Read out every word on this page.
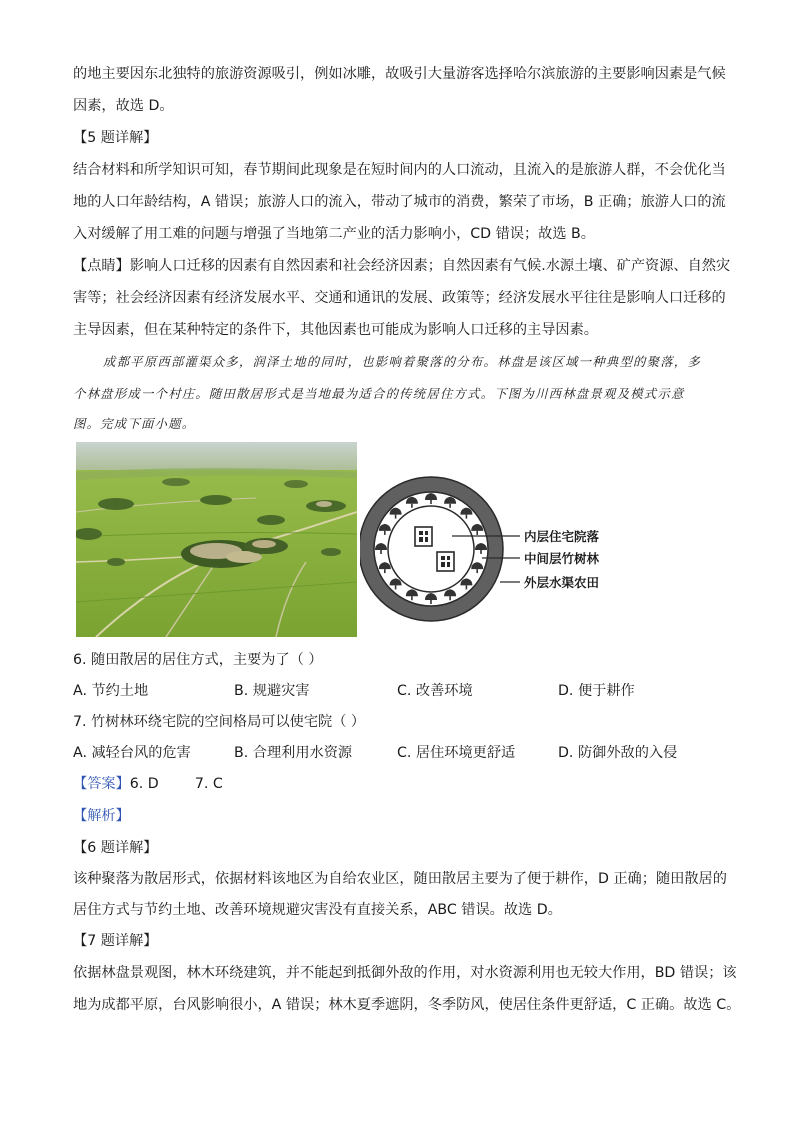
的地主要因东北独特的旅游资源吸引，例如冰雕，故吸引大量游客选择哈尔滨旅游的主要影响因素是气候
因素，故选 D。
【5 题详解】
结合材料和所学知识可知，春节期间此现象是在短时间内的人口流动，且流入的是旅游人群，不会优化当
地的人口年龄结构，A 错误；旅游人口的流入，带动了城市的消费，繁荣了市场，B 正确；旅游人口的流
入对缓解了用工难的问题与增强了当地第二产业的活力影响小，CD 错误；故选 B。
【点睛】影响人口迁移的因素有自然因素和社会经济因素；自然因素有气候.水源土壤、矿产资源、自然灾
害等；社会经济因素有经济发展水平、交通和通讯的发展、政策等；经济发展水平往往是影响人口迁移的
主导因素，但在某种特定的条件下，其他因素也可能成为影响人口迁移的主导因素。
成都平原西部灌渠众多，润泽土地的同时，也影响着聚落的分布。林盘是该区域一种典型的聚落，多
个林盘形成一个村庄。随田散居形式是当地最为适合的传统居住方式。下图为川西林盘景观及模式示意
图。完成下面小题。
内层住宅院落
中间层竹树林
外层水渠农田
6. 随田散居的居住方式，主要为了（ ）
A. 节约土地	B. 规避灾害	C. 改善环境	D. 便于耕作
7. 竹树林环绕宅院的空间格局可以使宅院（ ）
A. 减轻台风的危害	B. 合理利用水资源	C. 居住环境更舒适	D. 防御外敌的入侵
【答案】6. D        7. C
【解析】
【6 题详解】
该种聚落为散居形式，依据材料该地区为自给农业区，随田散居主要为了便于耕作，D 正确；随田散居的
居住方式与节约土地、改善环境规避灾害没有直接关系，ABC 错误。故选 D。
【7 题详解】
依据林盘景观图，林木环绕建筑，并不能起到抵御外敌的作用，对水资源利用也无较大作用，BD 错误；该
地为成都平原，台风影响很小，A 错误；林木夏季遮阴，冬季防风，使居住条件更舒适，C 正确。故选 C。
